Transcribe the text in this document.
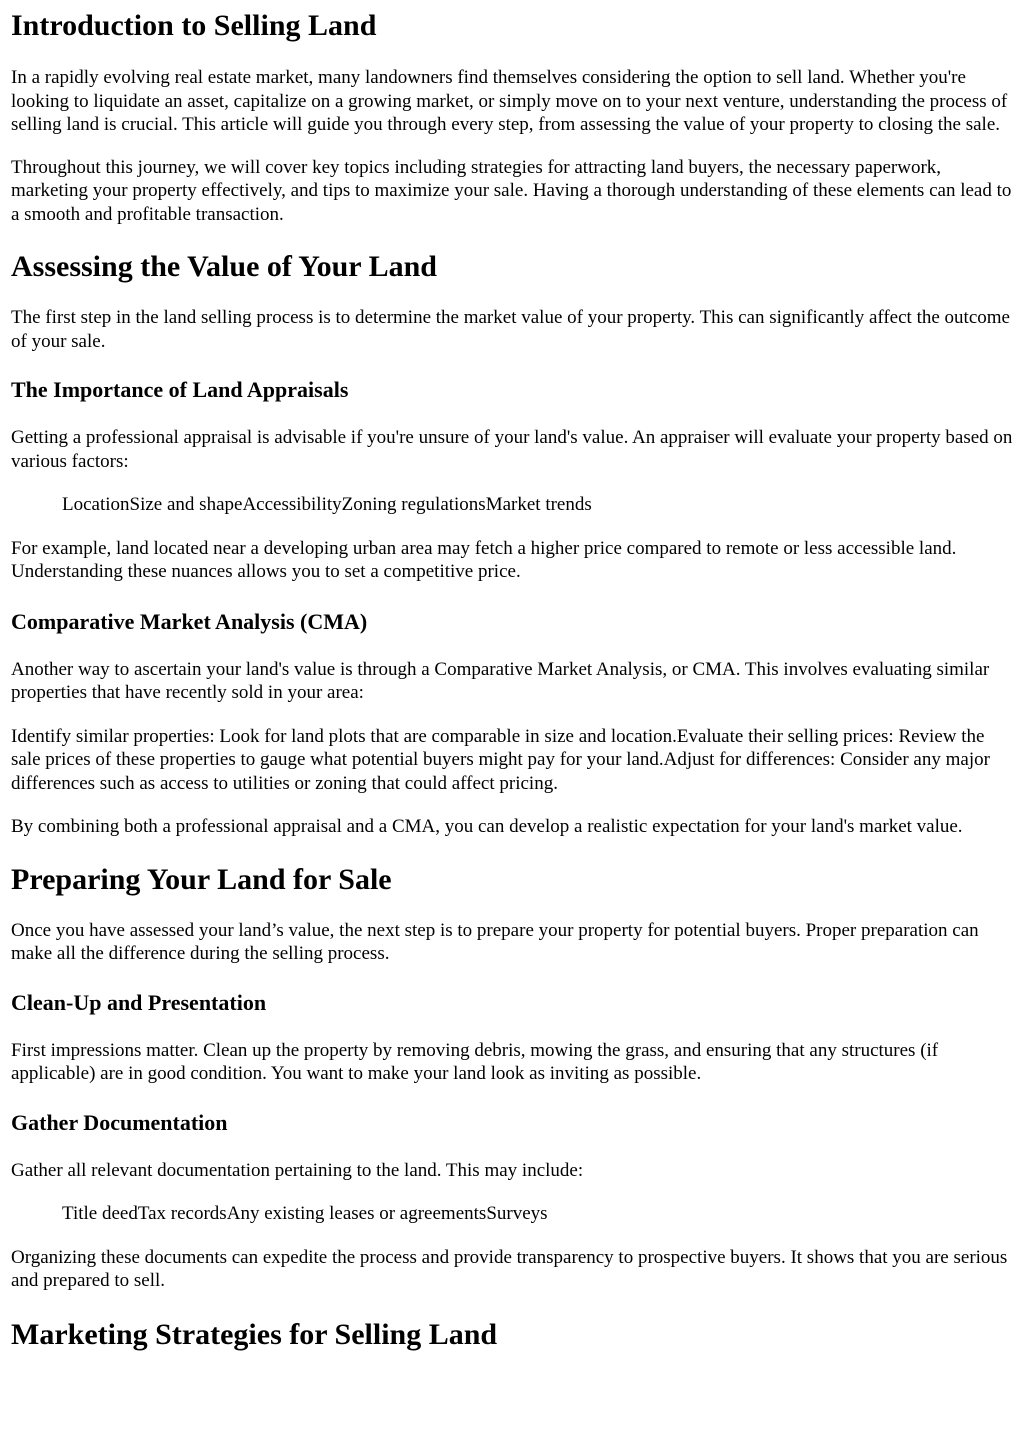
Introduction to Selling Land

In a rapidly evolving real estate market, many landowners find themselves considering the option to sell land. Whether you're looking to liquidate an asset, capitalize on a growing market, or simply move on to your next venture, understanding the process of selling land is crucial. This article will guide you through every step, from assessing the value of your property to closing the sale.

Throughout this journey, we will cover key topics including strategies for attracting land buyers, the necessary paperwork, marketing your property effectively, and tips to maximize your sale. Having a thorough understanding of these elements can lead to a smooth and profitable transaction.

Assessing the Value of Your Land

The first step in the land selling process is to determine the market value of your property. This can significantly affect the outcome of your sale.

The Importance of Land Appraisals

Getting a professional appraisal is advisable if you're unsure of your land's value. An appraiser will evaluate your property based on various factors:

LocationSize and shapeAccessibilityZoning regulationsMarket trends

For example, land located near a developing urban area may fetch a higher price compared to remote or less accessible land. Understanding these nuances allows you to set a competitive price.

Comparative Market Analysis (CMA)

Another way to ascertain your land's value is through a Comparative Market Analysis, or CMA. This involves evaluating similar properties that have recently sold in your area:

Identify similar properties: Look for land plots that are comparable in size and location.Evaluate their selling prices: Review the sale prices of these properties to gauge what potential buyers might pay for your land.Adjust for differences: Consider any major differences such as access to utilities or zoning that could affect pricing.

By combining both a professional appraisal and a CMA, you can develop a realistic expectation for your land's market value.

Preparing Your Land for Sale

Once you have assessed your land’s value, the next step is to prepare your property for potential buyers. Proper preparation can make all the difference during the selling process.

Clean-Up and Presentation

First impressions matter. Clean up the property by removing debris, mowing the grass, and ensuring that any structures (if applicable) are in good condition. You want to make your land look as inviting as possible.

Gather Documentation

Gather all relevant documentation pertaining to the land. This may include:

Title deedTax recordsAny existing leases or agreementsSurveys

Organizing these documents can expedite the process and provide transparency to prospective buyers. It shows that you are serious and prepared to sell.

Marketing Strategies for Selling Land
